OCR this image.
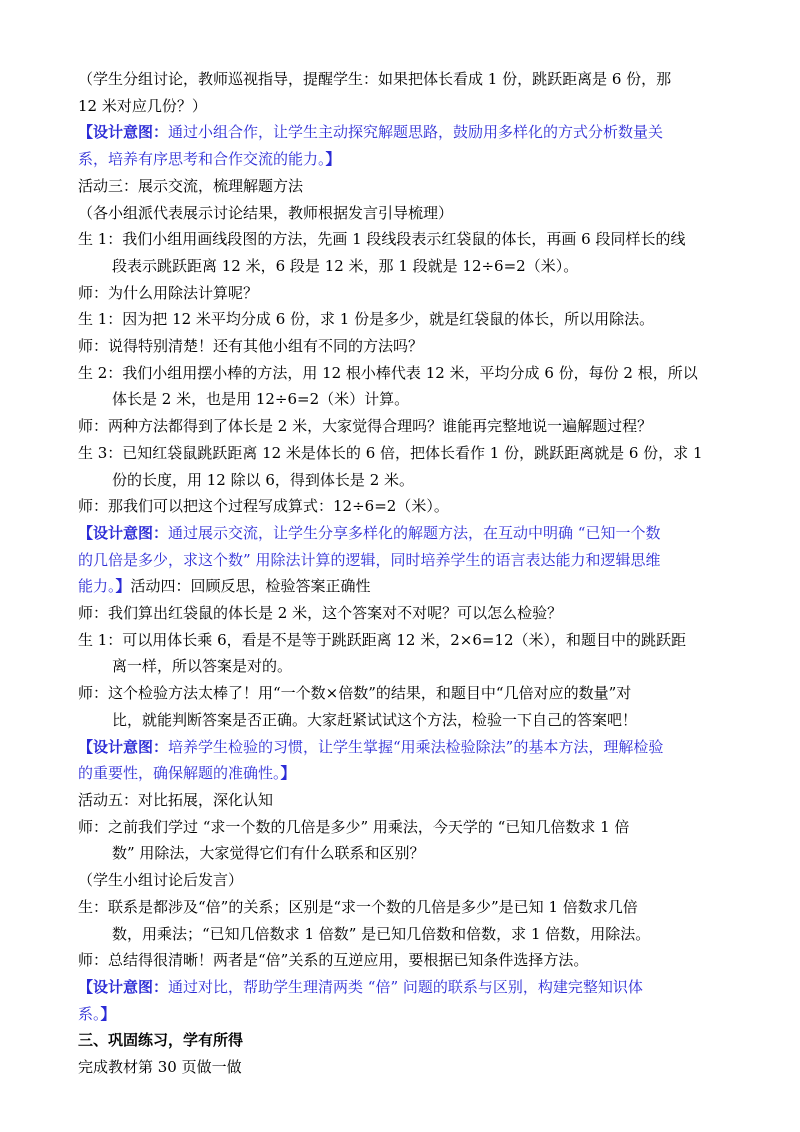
（学生分组讨论，教师巡视指导，提醒学生：如果把体长看成 1 份，跳跃距离是 6 份，那
12 米对应几份？）
【设计意图：通过小组合作，让学生主动探究解题思路，鼓励用多样化的方式分析数量关
系，培养有序思考和合作交流的能力。】
活动三：展示交流，梳理解题方法
（各小组派代表展示讨论结果，教师根据发言引导梳理）
生 1：我们小组用画线段图的方法，先画 1 段线段表示红袋鼠的体长，再画 6 段同样长的线
段表示跳跃距离 12 米，6 段是 12 米，那 1 段就是 12÷6=2（米）。
师：为什么用除法计算呢？
生 1：因为把 12 米平均分成 6 份，求 1 份是多少，就是红袋鼠的体长，所以用除法。
师：说得特别清楚！还有其他小组有不同的方法吗？
生 2：我们小组用摆小棒的方法，用 12 根小棒代表 12 米，平均分成 6 份，每份 2 根，所以
体长是 2 米，也是用 12÷6=2（米）计算。
师：两种方法都得到了体长是 2 米，大家觉得合理吗？谁能再完整地说一遍解题过程？
生 3：已知红袋鼠跳跃距离 12 米是体长的 6 倍，把体长看作 1 份，跳跃距离就是 6 份，求 1
份的长度，用 12 除以 6，得到体长是 2 米。
师：那我们可以把这个过程写成算式：12÷6=2（米）。
【设计意图：通过展示交流，让学生分享多样化的解题方法，在互动中明确 “已知一个数
的几倍是多少，求这个数” 用除法计算的逻辑，同时培养学生的语言表达能力和逻辑思维
能力。】活动四：回顾反思，检验答案正确性
师：我们算出红袋鼠的体长是 2 米，这个答案对不对呢？可以怎么检验？
生 1：可以用体长乘 6，看是不是等于跳跃距离 12 米，2×6=12（米），和题目中的跳跃距
离一样，所以答案是对的。
师：这个检验方法太棒了！用“一个数×倍数”的结果，和题目中“几倍对应的数量”对
比，就能判断答案是否正确。大家赶紧试试这个方法，检验一下自己的答案吧！
【设计意图：培养学生检验的习惯，让学生掌握“用乘法检验除法”的基本方法，理解检验
的重要性，确保解题的准确性。】
活动五：对比拓展，深化认知
师：之前我们学过 “求一个数的几倍是多少” 用乘法，今天学的 “已知几倍数求 1 倍
数” 用除法，大家觉得它们有什么联系和区别？
（学生小组讨论后发言）
生：联系是都涉及“倍”的关系；区别是“求一个数的几倍是多少”是已知 1 倍数求几倍
数，用乘法；“已知几倍数求 1 倍数” 是已知几倍数和倍数，求 1 倍数，用除法。
师：总结得很清晰！两者是“倍”关系的互逆应用，要根据已知条件选择方法。
【设计意图：通过对比，帮助学生理清两类 “倍” 问题的联系与区别，构建完整知识体
系。】
三、巩固练习，学有所得
完成教材第 30 页做一做
